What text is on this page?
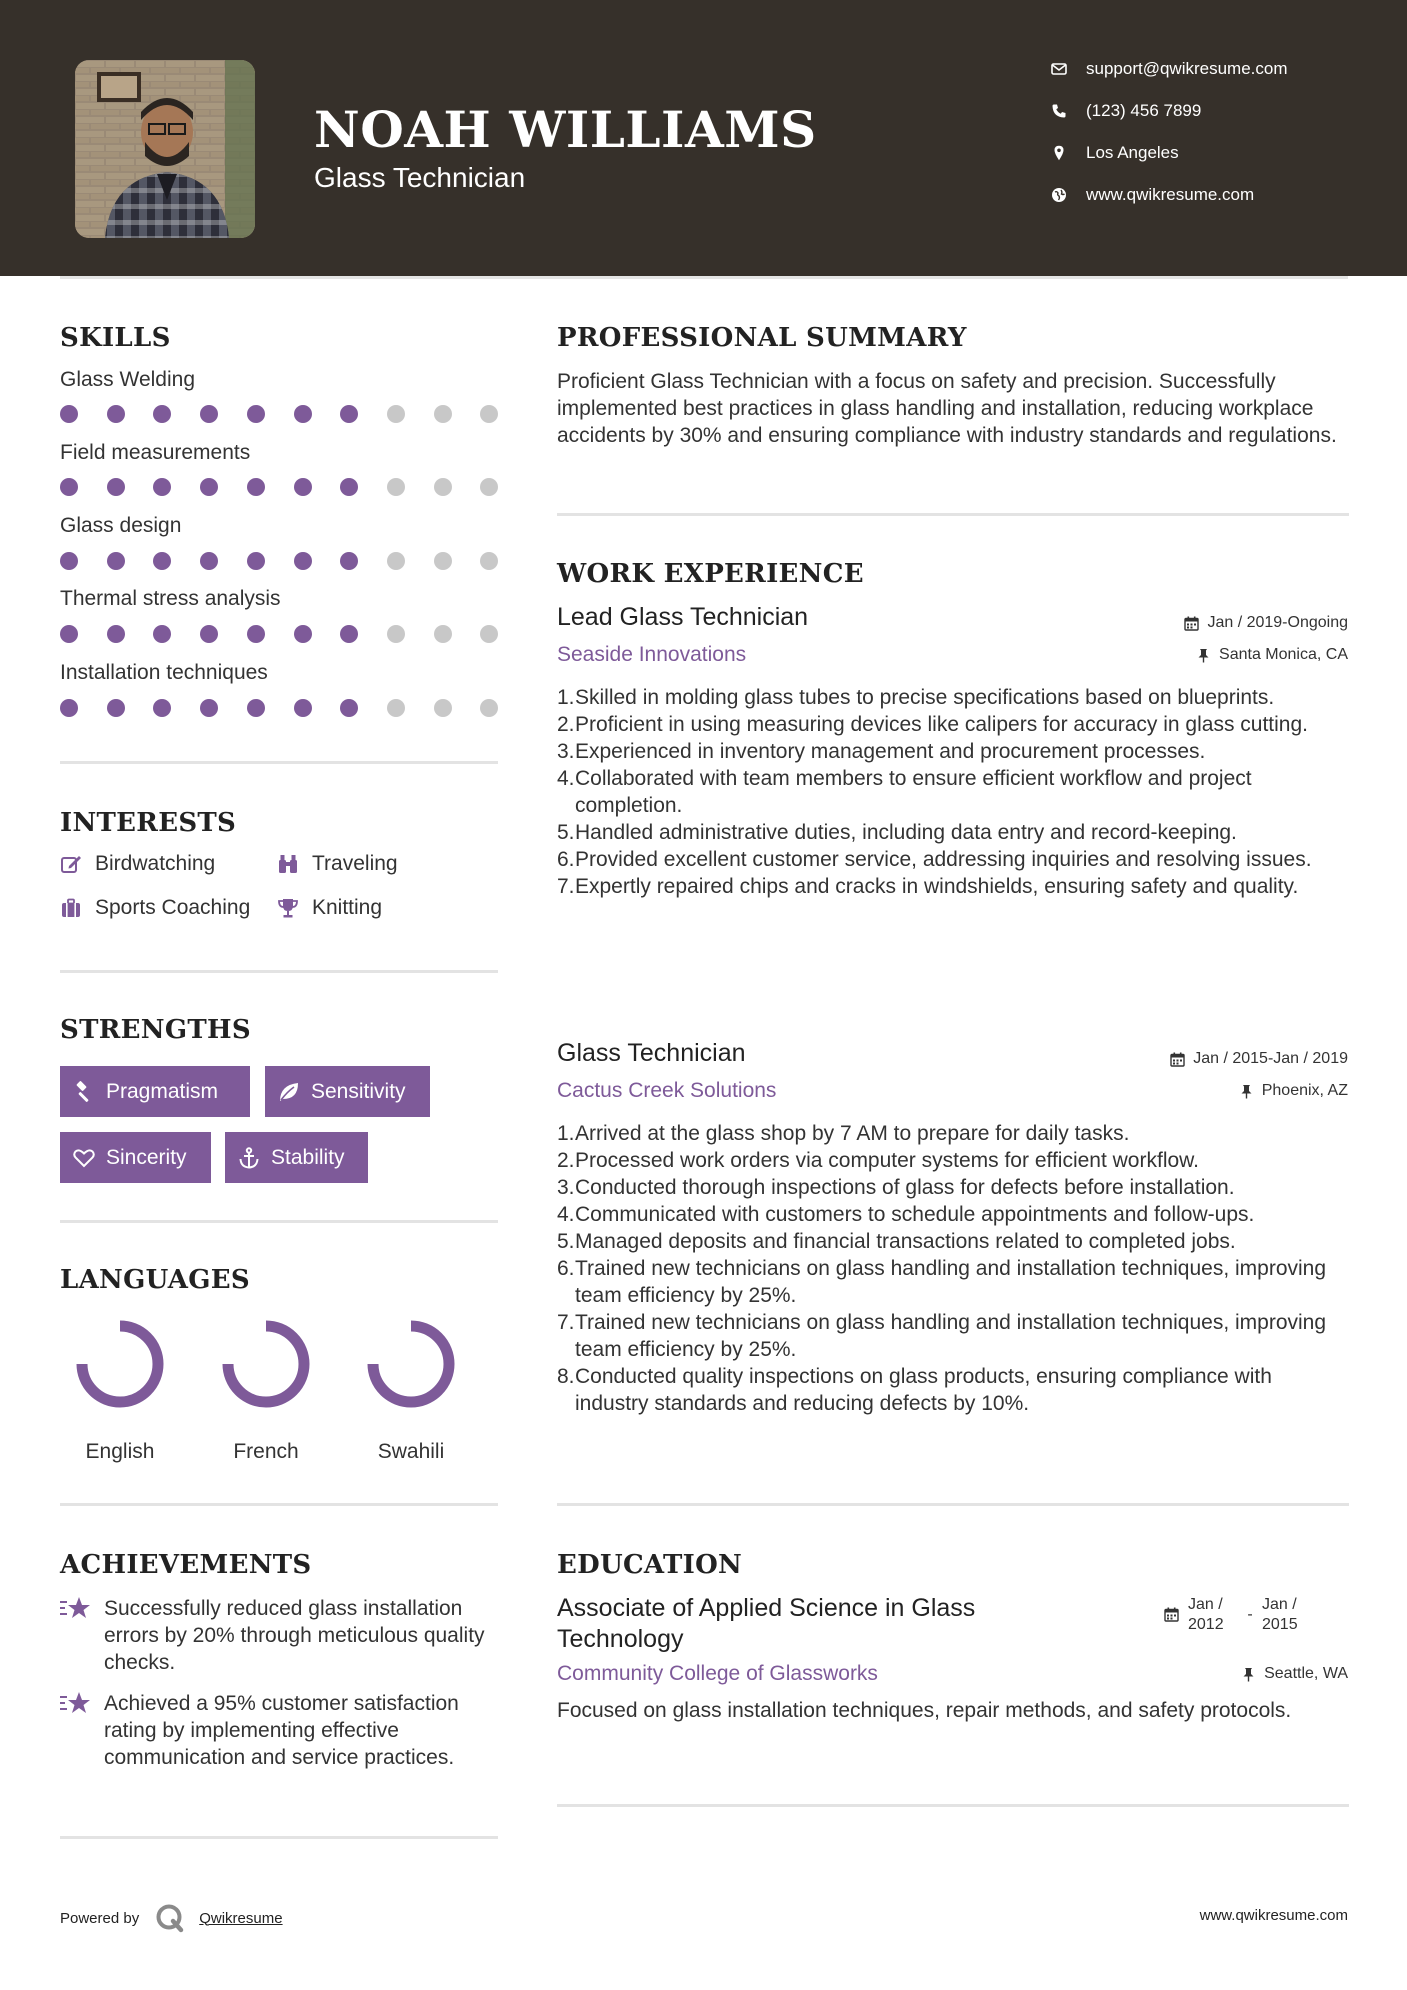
NOAH WILLIAMS
Glass Technician
support@qwikresume.com
(123) 456 7899
Los Angeles
www.qwikresume.com
SKILLS
Glass Welding
Field measurements
Glass design
Thermal stress analysis
Installation techniques
INTERESTS
Birdwatching	Traveling
Sports Coaching	Knitting
STRENGTHS
Pragmatism	Sensitivity
Sincerity	Stability
LANGUAGES
English	French	Swahili
ACHIEVEMENTS
Successfully reduced glass installation errors by 20% through meticulous quality checks.
Achieved a 95% customer satisfaction rating by implementing effective communication and service practices.
PROFESSIONAL SUMMARY
Proficient Glass Technician with a focus on safety and precision. Successfully implemented best practices in glass handling and installation, reducing workplace accidents by 30% and ensuring compliance with industry standards and regulations.
WORK EXPERIENCE
Lead Glass Technician	Jan / 2019-Ongoing
Seaside Innovations	Santa Monica, CA
1. Skilled in molding glass tubes to precise specifications based on blueprints.
2. Proficient in using measuring devices like calipers for accuracy in glass cutting.
3. Experienced in inventory management and procurement processes.
4. Collaborated with team members to ensure efficient workflow and project completion.
5. Handled administrative duties, including data entry and record-keeping.
6. Provided excellent customer service, addressing inquiries and resolving issues.
7. Expertly repaired chips and cracks in windshields, ensuring safety and quality.
Glass Technician	Jan / 2015-Jan / 2019
Cactus Creek Solutions	Phoenix, AZ
1. Arrived at the glass shop by 7 AM to prepare for daily tasks.
2. Processed work orders via computer systems for efficient workflow.
3. Conducted thorough inspections of glass for defects before installation.
4. Communicated with customers to schedule appointments and follow-ups.
5. Managed deposits and financial transactions related to completed jobs.
6. Trained new technicians on glass handling and installation techniques, improving team efficiency by 25%.
7. Trained new technicians on glass handling and installation techniques, improving team efficiency by 25%.
8. Conducted quality inspections on glass products, ensuring compliance with industry standards and reducing defects by 10%.
EDUCATION
Associate of Applied Science in Glass Technology
Jan / 2012
-
Jan / 2015
Community College of Glassworks	Seattle, WA
Focused on glass installation techniques, repair methods, and safety protocols.
Powered by	Qwikresume	www.qwikresume.com
